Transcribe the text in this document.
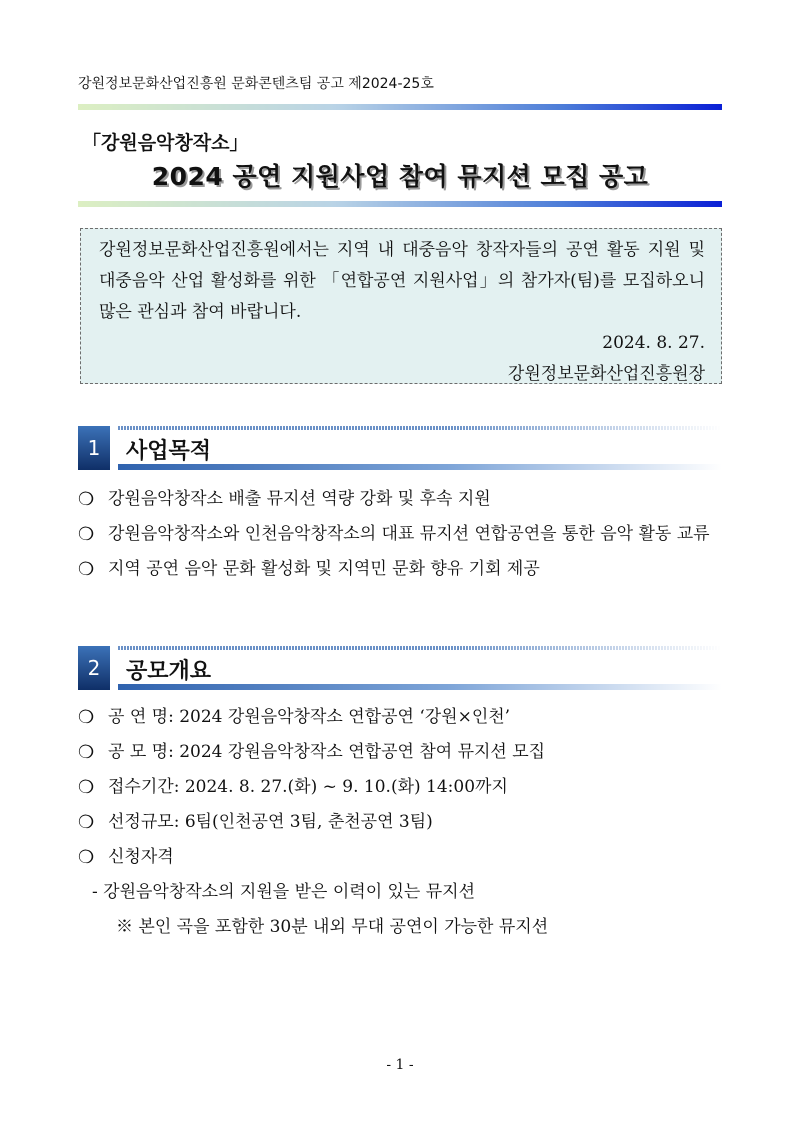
강원정보문화산업진흥원 문화콘텐츠팀 공고 제2024-25호
「강원음악창작소」
2024 공연 지원사업 참여 뮤지션 모집 공고
강원정보문화산업진흥원에서는 지역 내 대중음악 창작자들의 공연 활동 지원 및 대중음악 산업 활성화를 위한 「연합공연 지원사업」의 참가자(팀)를 모집하오니 많은 관심과 참여 바랍니다.
2024. 8. 27.
강원정보문화산업진흥원장
1	사업목적
❍ 강원음악창작소 배출 뮤지션 역량 강화 및 후속 지원
❍ 강원음악창작소와 인천음악창작소의 대표 뮤지션 연합공연을 통한 음악 활동 교류
❍ 지역 공연 음악 문화 활성화 및 지역민 문화 향유 기회 제공
2	공모개요
❍ 공 연 명: 2024 강원음악창작소 연합공연 ‘강원×인천’
❍ 공 모 명: 2024 강원음악창작소 연합공연 참여 뮤지션 모집
❍ 접수기간: 2024. 8. 27.(화) ~ 9. 10.(화) 14:00까지
❍ 선정규모: 6팀(인천공연 3팀, 춘천공연 3팀)
❍ 신청자격
- 강원음악창작소의 지원을 받은 이력이 있는 뮤지션
※ 본인 곡을 포함한 30분 내외 무대 공연이 가능한 뮤지션
- 1 -
